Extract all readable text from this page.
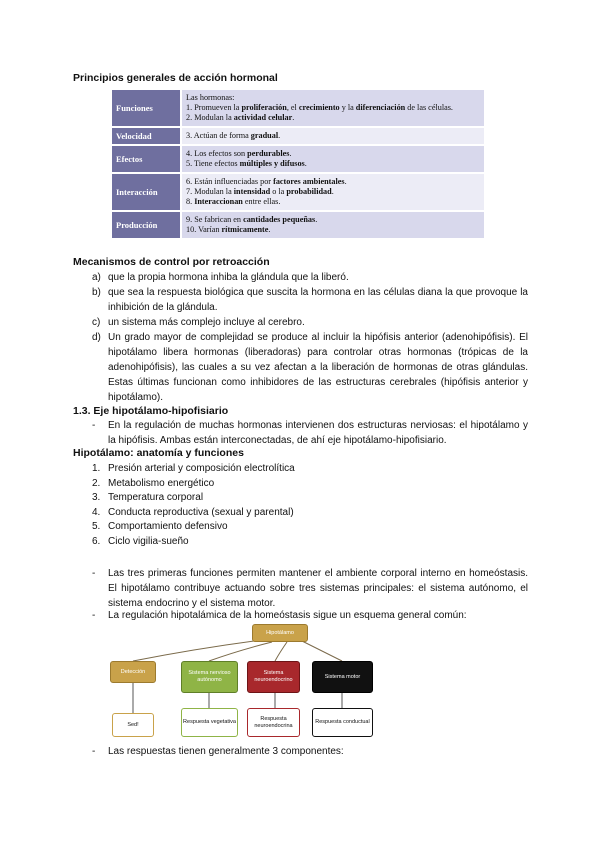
Principios generales de acción hormonal
Funciones		Las hormonas:
1. Promueven la proliferación, el crecimiento y la diferenciación de las células.
2. Modulan la actividad celular.

Velocidad		3. Actúan de forma gradual.

Efectos		4. Los efectos son perdurables.
5. Tiene efectos múltiples y difusos.

Interacción		6. Están influenciadas por factores ambientales.
7. Modulan la intensidad o la probabilidad.
8. Interaccionan entre ellas.

Producción		9. Se fabrican en cantidades pequeñas.
10. Varían rítmicamente.
Mecanismos de control por retroacción
a) que la propia hormona inhiba la glándula que la liberó.
b) que sea la respuesta biológica que suscita la hormona en las células diana la que provoque la inhibición de la glándula.
c) un sistema más complejo incluye al cerebro.
d) Un grado mayor de complejidad se produce al incluir la hipófisis anterior (adenohipófisis). El hipotálamo libera hormonas (liberadoras) para controlar otras hormonas (trópicas de la adenohipófisis), las cuales a su vez afectan a la liberación de hormonas de otras glándulas. Estas últimas funcionan como inhibidores de las estructuras cerebrales (hipófisis anterior y hipotálamo).
1.3. Eje hipotálamo-hipofisiario
-	En la regulación de muchas hormonas intervienen dos estructuras nerviosas: el hipotálamo y la hipófisis. Ambas están interconectadas, de ahí eje hipotálamo-hipofisiario.
Hipotálamo: anatomía y funciones
1. Presión arterial y composición electrolítica
2. Metabolismo energético
3. Temperatura corporal
4. Conducta reproductiva (sexual y parental)
5. Comportamiento defensivo
6. Ciclo vigilia-sueño
-	Las tres primeras funciones permiten mantener el ambiente corporal interno en homeóstasis. El hipotálamo contribuye actuando sobre tres sistemas principales: el sistema autónomo, el sistema endocrino y el sistema motor.
-	La regulación hipotalámica de la homeóstasis sigue un esquema general común:
Hipotálamo
Detección	Sistema nervioso autónomo
Sistema neuroendocrino
Sistema motor
Sed!	Respuesta vegetativa
Respuesta neuroendocrina
Respuesta conductual
-	Las respuestas tienen generalmente 3 componentes:
